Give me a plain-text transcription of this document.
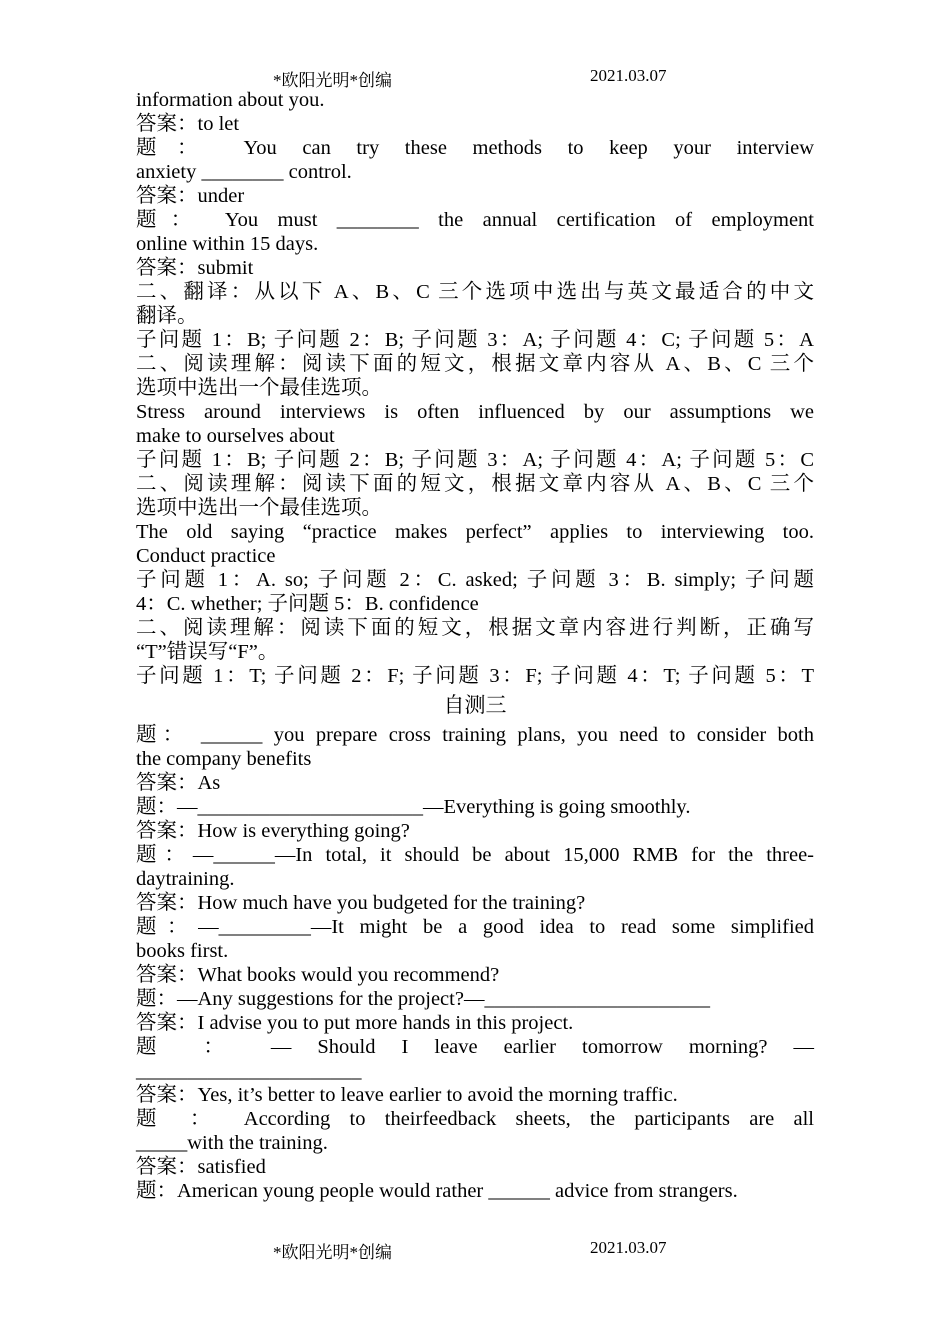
*欧阳光明*创编	2021.03.07
information about you.
答案：to let
题： You can try these methods to keep your interview
anxiety ________ control.
答案：under
题： You must ________ the annual certification of employment
online within 15 days.
答案：submit
二、翻译：从以下 A、B、C 三个选项中选出与英文最适合的中文
翻译。
子问题 1：B; 子问题 2：B; 子问题 3：A; 子问题 4：C; 子问题 5：A
二、阅读理解：阅读下面的短文，根据文章内容从 A、B、C 三个
选项中选出一个最佳选项。
Stress around interviews is often influenced by our assumptions we
make to ourselves about
子问题 1：B; 子问题 2：B; 子问题 3：A; 子问题 4：A; 子问题 5：C
二、阅读理解：阅读下面的短文，根据文章内容从 A、B、C 三个
选项中选出一个最佳选项。
The old saying “practice makes perfect” applies to interviewing too.
Conduct practice
子问题 1：A. so; 子问题 2：C. asked; 子问题 3：B. simply; 子问题
4：C. whether; 子问题 5：B. confidence
二、阅读理解：阅读下面的短文，根据文章内容进行判断，正确写
“T”错误写“F”。
子问题 1：T; 子问题 2：F; 子问题 3：F; 子问题 4：T; 子问题 5：T
自测三
题： ______ you prepare cross training plans, you need to consider both
the company benefits
答案：As
题：—______________________—Everything is going smoothly.
答案：How is everything going?
题：—______—In total, it should be about 15,000 RMB for the three-
daytraining.
答案：How much have you budgeted for the training?
题：—_________—It might be a good idea to read some simplified
books first.
答案：What books would you recommend?
题：—Any suggestions for the project?—______________________
答案：I advise you to put more hands in this project.
题 ： — Should I leave earlier tomorrow morning? —
______________________
答案：Yes, it’s better to leave earlier to avoid the morning traffic.
题 ： According to theirfeedback sheets, the participants are all
_____with the training.
答案：satisfied
题：American young people would rather ______ advice from strangers.
*欧阳光明*创编	2021.03.07
